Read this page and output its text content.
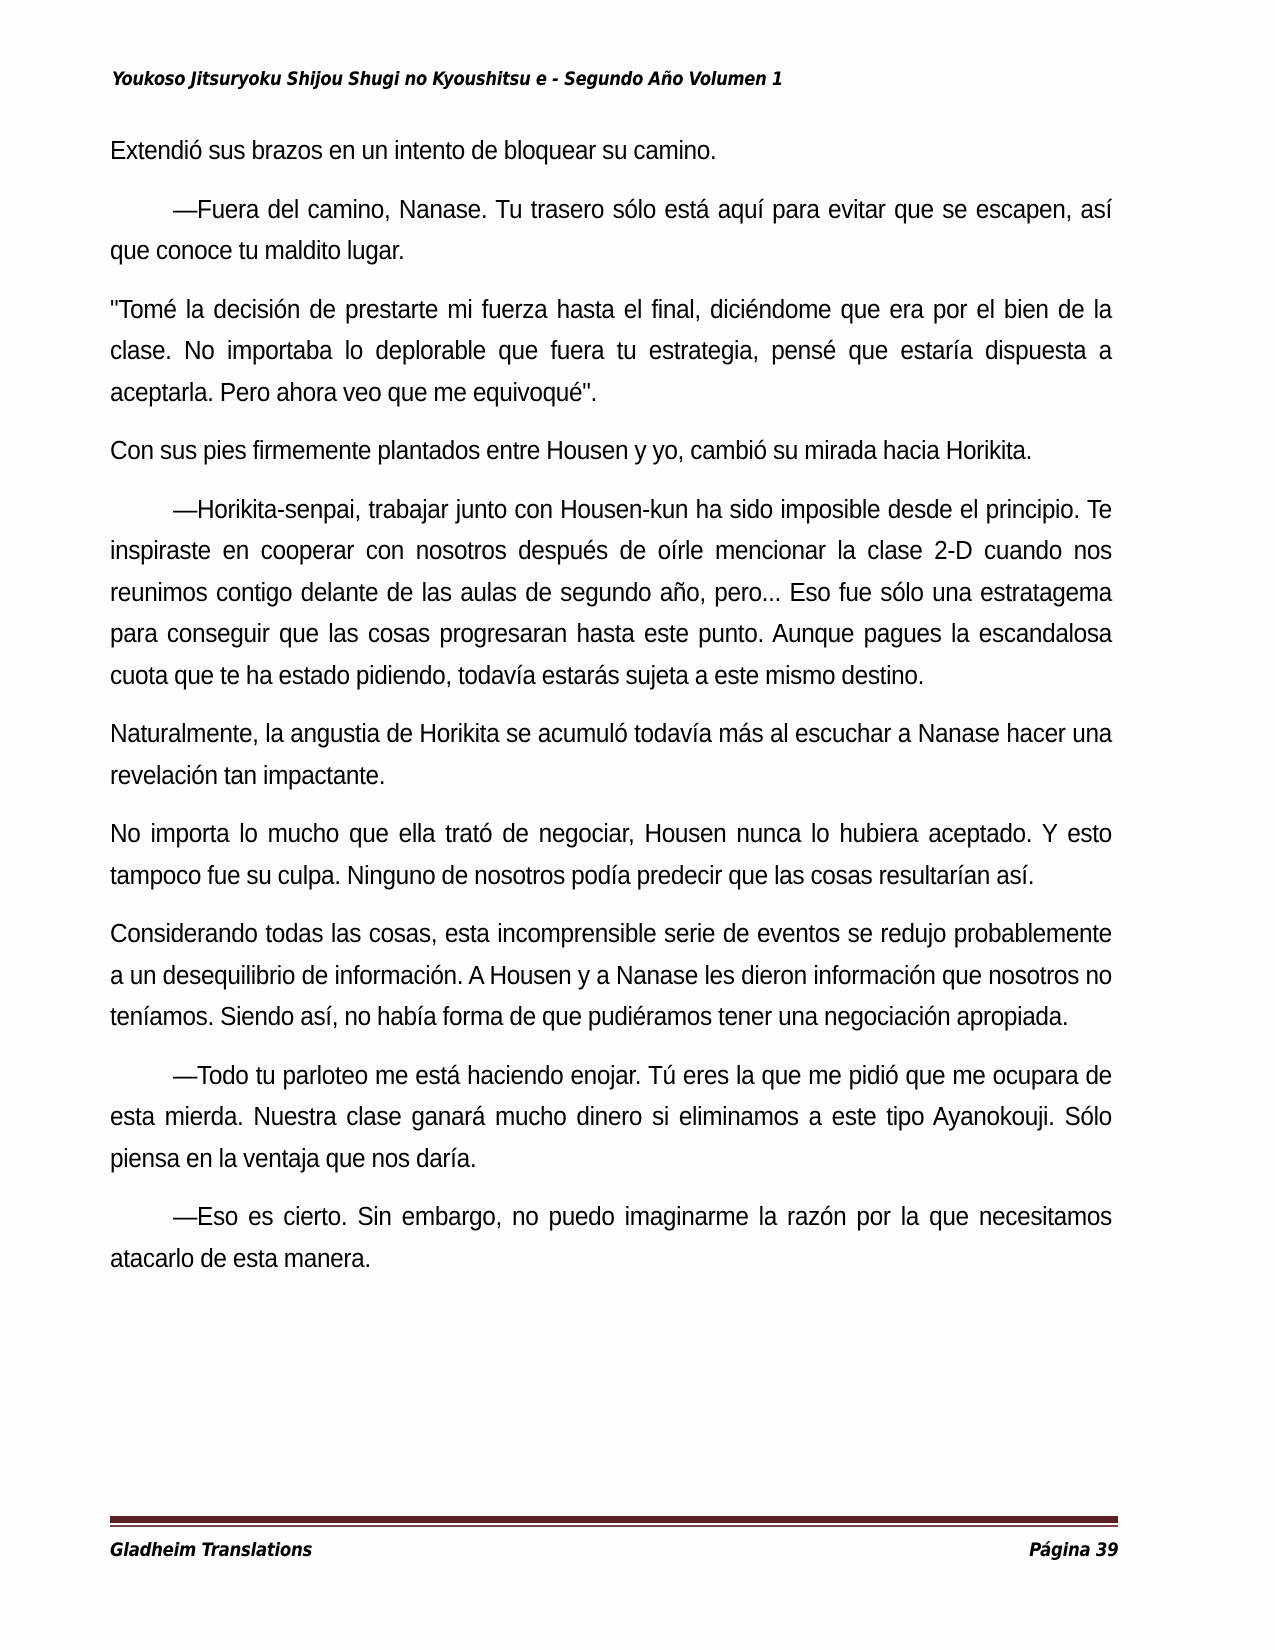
Youkoso Jitsuryoku Shijou Shugi no Kyoushitsu e - Segundo Año Volumen 1

Extendió sus brazos en un intento de bloquear su camino.

—Fuera del camino, Nanase. Tu trasero sólo está aquí para evitar que se escapen, así que conoce tu maldito lugar.

"Tomé la decisión de prestarte mi fuerza hasta el final, diciéndome que era por el bien de la clase. No importaba lo deplorable que fuera tu estrategia, pensé que estaría dispuesta a aceptarla. Pero ahora veo que me equivoqué".

Con sus pies firmemente plantados entre Housen y yo, cambió su mirada hacia Horikita.

—Horikita-senpai, trabajar junto con Housen-kun ha sido imposible desde el principio. Te inspiraste en cooperar con nosotros después de oírle mencionar la clase 2-D cuando nos reunimos contigo delante de las aulas de segundo año, pero... Eso fue sólo una estratagema para conseguir que las cosas progresaran hasta este punto. Aunque pagues la escandalosa cuota que te ha estado pidiendo, todavía estarás sujeta a este mismo destino.

Naturalmente, la angustia de Horikita se acumuló todavía más al escuchar a Nanase hacer una revelación tan impactante.

No importa lo mucho que ella trató de negociar, Housen nunca lo hubiera aceptado. Y esto tampoco fue su culpa. Ninguno de nosotros podía predecir que las cosas resultarían así.

Considerando todas las cosas, esta incomprensible serie de eventos se redujo probablemente a un desequilibrio de información. A Housen y a Nanase les dieron información que nosotros no teníamos. Siendo así, no había forma de que pudiéramos tener una negociación apropiada.

—Todo tu parloteo me está haciendo enojar. Tú eres la que me pidió que me ocupara de esta mierda. Nuestra clase ganará mucho dinero si eliminamos a este tipo Ayanokouji. Sólo piensa en la ventaja que nos daría.

—Eso es cierto. Sin embargo, no puedo imaginarme la razón por la que necesitamos atacarlo de esta manera.

Gladheim Translations	Página 39
